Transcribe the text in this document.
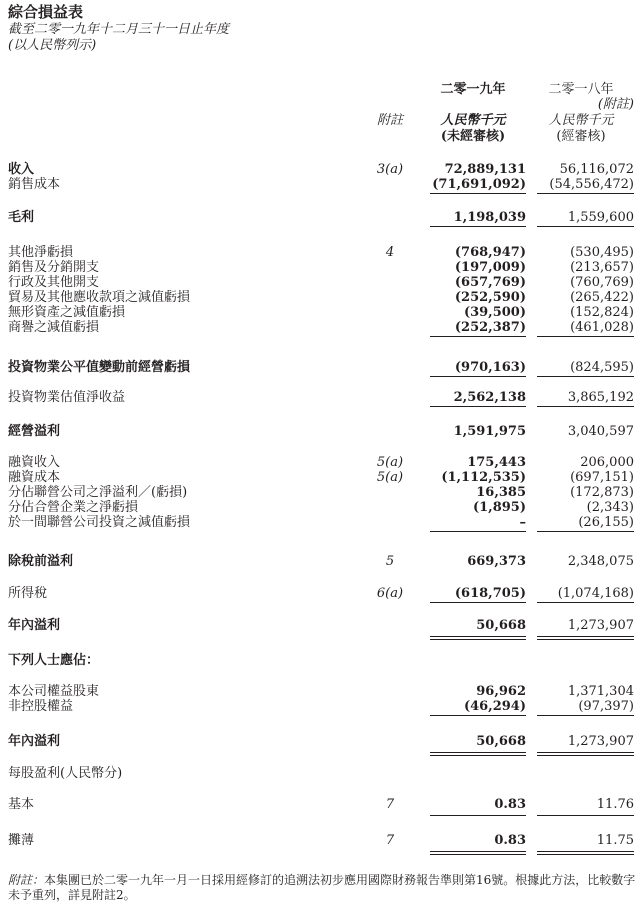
綜合損益表
截至二零一九年十二月三十一日止年度
(以人民幣列示)
二零一九年	二零一八年
(附註)
附註	人民幣千元	人民幣千元
(未經審核)	(經審核)
收入	3(a)	72,889,131	56,116,072
銷售成本	(71,691,092)	(54,556,472)
毛利	1,198,039	1,559,600
其他淨虧損	4	(768,947)	(530,495)
銷售及分銷開支	(197,009)	(213,657)
行政及其他開支	(657,769)	(760,769)
貿易及其他應收款項之減值虧損	(252,590)	(265,422)
無形資產之減值虧損	(39,500)	(152,824)
商譽之減值虧損	(252,387)	(461,028)
投資物業公平值變動前經營虧損	(970,163)	(824,595)
投資物業估值淨收益	2,562,138	3,865,192
經營溢利	1,591,975	3,040,597
融資收入	5(a)	175,443	206,000
融資成本	5(a)	(1,112,535)	(697,151)
分佔聯營公司之淨溢利／(虧損)	16,385	(172,873)
分佔合營企業之淨虧損	(1,895)	(2,343)
於一間聯營公司投資之減值虧損	–	(26,155)
除稅前溢利	5	669,373	2,348,075
所得稅	6(a)	(618,705)	(1,074,168)
年內溢利	50,668	1,273,907
下列人士應佔：
本公司權益股東	96,962	1,371,304
非控股權益	(46,294)	(97,397)
年內溢利	50,668	1,273,907
每股盈利(人民幣分)
基本	7	0.83	11.76
攤薄	7	0.83	11.75
附註：本集團已於二零一九年一月一日採用經修訂的追溯法初步應用國際財務報告準則第16號。根據此方法，比較數字未予重列，詳見附註2。
